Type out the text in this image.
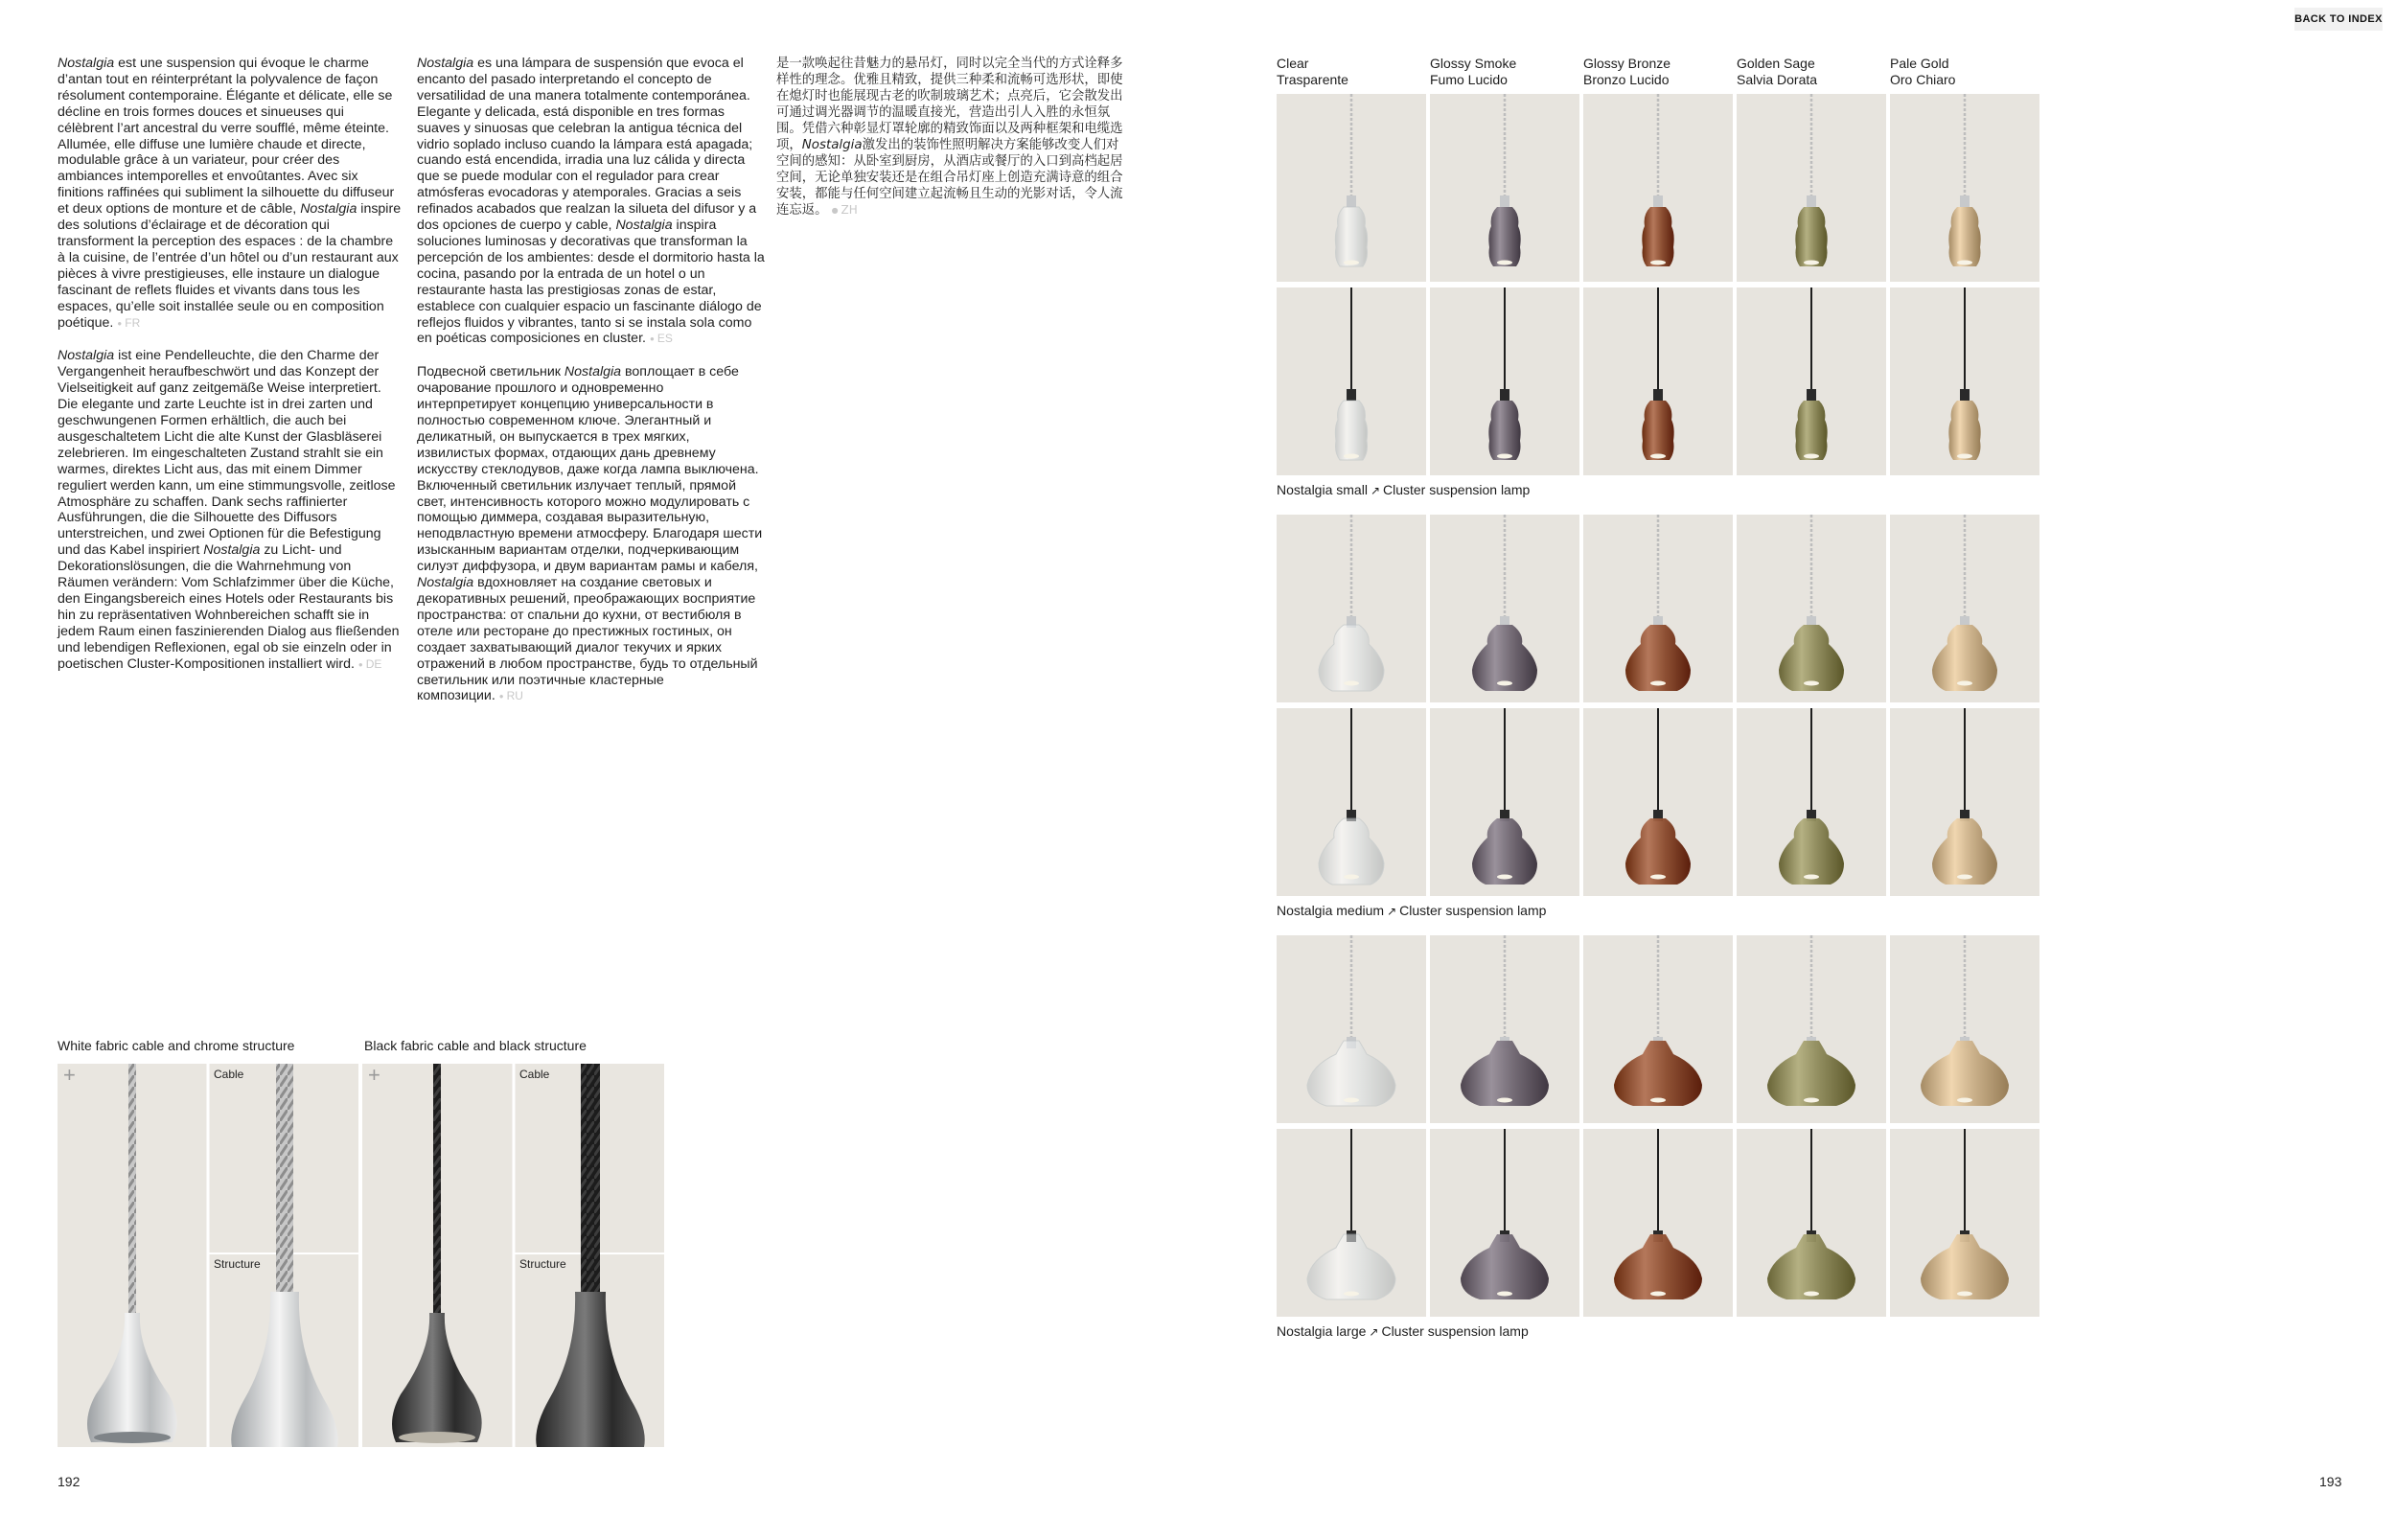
BACK TO INDEX

Nostalgia est une suspension qui évoque le charme d’antan tout en réinterprétant la polyvalence de façon résolument contemporaine. Élégante et délicate, elle se décline en trois formes douces et sinueuses qui célèbrent l’art ancestral du verre soufflé, même éteinte. Allumée, elle diffuse une lumière chaude et directe, modulable grâce à un variateur, pour créer des ambiances intemporelles et envoûtantes. Avec six finitions raffinées qui subliment la silhouette du diffuseur et deux options de monture et de câble, Nostalgia inspire des solutions d’éclairage et de décoration qui transforment la perception des espaces : de la chambre à la cuisine, de l’entrée d’un hôtel ou d’un restaurant aux pièces à vivre prestigieuses, elle instaure un dialogue fascinant de reflets fluides et vivants dans tous les espaces, qu’elle soit installée seule ou en composition poétique. ● FR

Nostalgia ist eine Pendelleuchte, die den Charme der Vergangenheit heraufbeschwört und das Konzept der Vielseitigkeit auf ganz zeitgemäße Weise interpretiert. Die elegante und zarte Leuchte ist in drei zarten und geschwungenen Formen erhältlich, die auch bei ausgeschaltetem Licht die alte Kunst der Glasbläserei zelebrieren. Im eingeschalteten Zustand strahlt sie ein warmes, direktes Licht aus, das mit einem Dimmer reguliert werden kann, um eine stimmungsvolle, zeitlose Atmosphäre zu schaffen. Dank sechs raffinierter Ausführungen, die die Silhouette des Diffusors unterstreichen, und zwei Optionen für die Befestigung und das Kabel inspiriert Nostalgia zu Licht- und Dekorationslösungen, die die Wahrnehmung von Räumen verändern: Vom Schlafzimmer über die Küche, den Eingangsbereich eines Hotels oder Restaurants bis hin zu repräsentativen Wohnbereichen schafft sie in jedem Raum einen faszinierenden Dialog aus fließenden und lebendigen Reflexionen, egal ob sie einzeln oder in poetischen Cluster-Kompositionen installiert wird. ● DE

Nostalgia es una lámpara de suspensión que evoca el encanto del pasado interpretando el concepto de versatilidad de una manera totalmente contemporánea. Elegante y delicada, está disponible en tres formas suaves y sinuosas que celebran la antigua técnica del vidrio soplado incluso cuando la lámpara está apagada; cuando está encendida, irradia una luz cálida y directa que se puede modular con el regulador para crear atmósferas evocadoras y atemporales. Gracias a seis refinados acabados que realzan la silueta del difusor y a dos opciones de cuerpo y cable, Nostalgia inspira soluciones luminosas y decorativas que transforman la percepción de los ambientes: desde el dormitorio hasta la cocina, pasando por la entrada de un hotel o un restaurante hasta las prestigiosas zonas de estar, establece con cualquier espacio un fascinante diálogo de reflejos fluidos y vibrantes, tanto si se instala sola como en poéticas composiciones en cluster. ● ES

Подвесной светильник Nostalgia воплощает в себе очарование прошлого и одновременно интерпретирует концепцию универсальности в полностью современном ключе. Элегантный и деликатный, он выпускается в трех мягких, извилистых формах, отдающих дань древнему искусству стеклодувов, даже когда лампа выключена. Включенный светильник излучает теплый, прямой свет, интенсивность которого можно модулировать с помощью диммера, создавая выразительную, неподвластную времени атмосферу. Благодаря шести изысканным вариантам отделки, подчеркивающим силуэт диффузора, и двум вариантам рамы и кабеля, Nostalgia вдохновляет на создание световых и декоративных решений, преображающих восприятие пространства: от спальни до кухни, от вестибюля в отеле или ресторане до престижных гостиных, он создает захватывающий диалог текучих и ярких отражений в любом пространстве, будь то отдельный светильник или поэтичные кластерные композиции. ● RU

是一款唤起往昔魅力的悬吊灯，同时以完全当代的方式诠释多样性的理念。优雅且精致，提供三种柔和流畅可选形状，即使在熄灯时也能展现古老的吹制玻璃艺术；点亮后，它会散发出可通过调光器调节的温暖直接光，营造出引人入胜的永恒氛围。凭借六种彰显灯罩轮廓的精致饰面以及两种框架和电缆选项，Nostalgia激发出的装饰性照明解决方案能够改变人们对空间的感知：从卧室到厨房，从酒店或餐厅的入口到高档起居空间，无论单独安装还是在组合吊灯座上创造充满诗意的组合安装，都能与任何空间建立起流畅且生动的光影对话，令人流连忘返。 ● ZH

White fabric cable and chrome structure	Black fabric cable and black structure
+	+
Cable
Structure
Cable
Structure
Clear
Trasparente
Glossy Smoke
Fumo Lucido
Glossy Bronze
Bronzo Lucido
Golden Sage
Salvia Dorata
Pale Gold
Oro Chiaro
Nostalgia small ↗ Cluster suspension lamp
Nostalgia medium ↗ Cluster suspension lamp
Nostalgia large ↗ Cluster suspension lamp
192	193
